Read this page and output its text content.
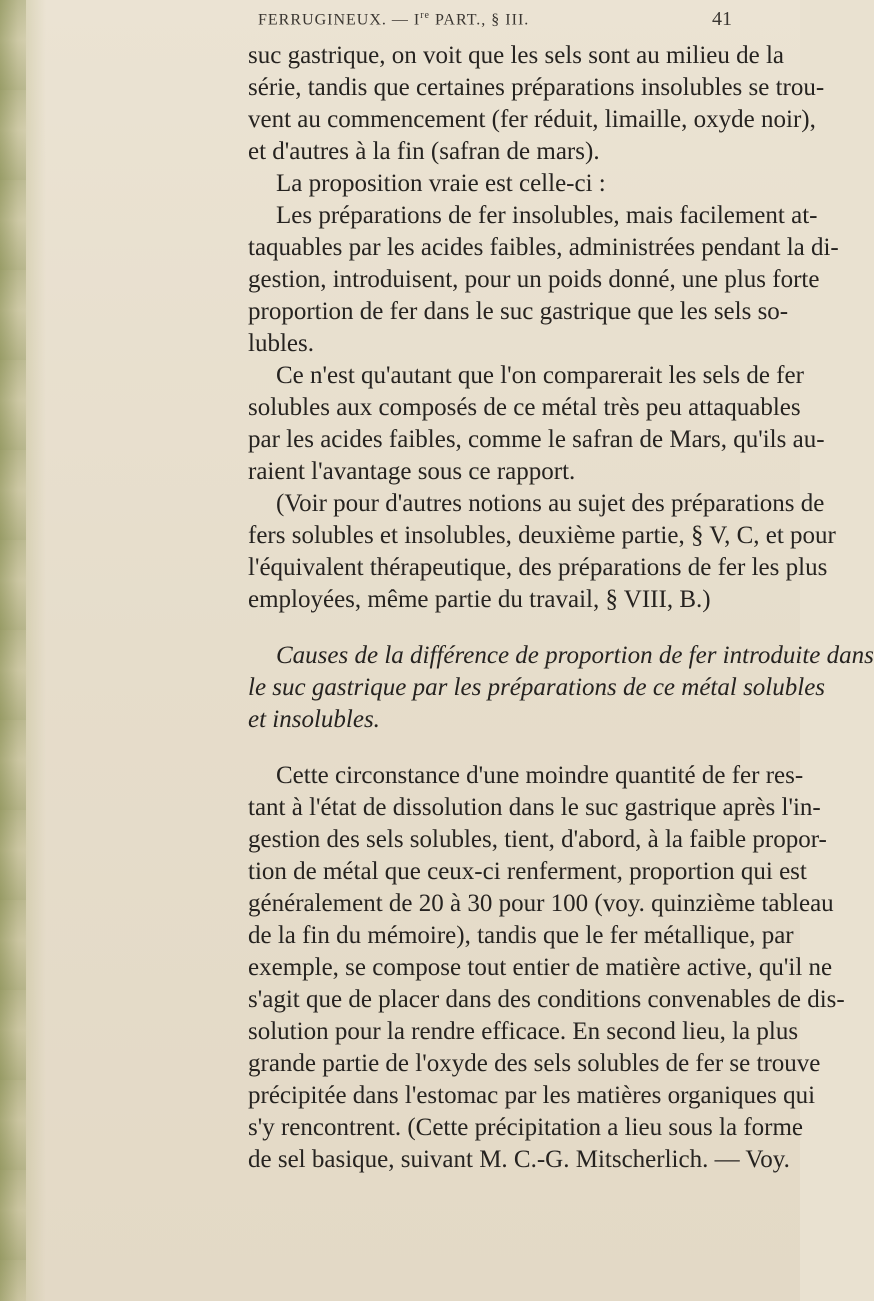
FERRUGINEUX. — Ire PART., § III.	41
suc gastrique, on voit que les sels sont au milieu de la
série, tandis que certaines préparations insolubles se trou-
vent au commencement (fer réduit, limaille, oxyde noir),
et d'autres à la fin (safran de mars).
La proposition vraie est celle-ci :
Les préparations de fer insolubles, mais facilement at-
taquables par les acides faibles, administrées pendant la di-
gestion, introduisent, pour un poids donné, une plus forte
proportion de fer dans le suc gastrique que les sels so-
lubles.
Ce n'est qu'autant que l'on comparerait les sels de fer
solubles aux composés de ce métal très peu attaquables
par les acides faibles, comme le safran de Mars, qu'ils au-
raient l'avantage sous ce rapport.
(Voir pour d'autres notions au sujet des préparations de
fers solubles et insolubles, deuxième partie, § V, C, et pour
l'équivalent thérapeutique, des préparations de fer les plus
employées, même partie du travail, § VIII, B.)
Causes de la différence de proportion de fer introduite dans
le suc gastrique par les préparations de ce métal solubles
et insolubles.
Cette circonstance d'une moindre quantité de fer res-
tant à l'état de dissolution dans le suc gastrique après l'in-
gestion des sels solubles, tient, d'abord, à la faible propor-
tion de métal que ceux-ci renferment, proportion qui est
généralement de 20 à 30 pour 100 (voy. quinzième tableau
de la fin du mémoire), tandis que le fer métallique, par
exemple, se compose tout entier de matière active, qu'il ne
s'agit que de placer dans des conditions convenables de dis-
solution pour la rendre efficace. En second lieu, la plus
grande partie de l'oxyde des sels solubles de fer se trouve
précipitée dans l'estomac par les matières organiques qui
s'y rencontrent. (Cette précipitation a lieu sous la forme
de sel basique, suivant M. C.-G. Mitscherlich. — Voy.
